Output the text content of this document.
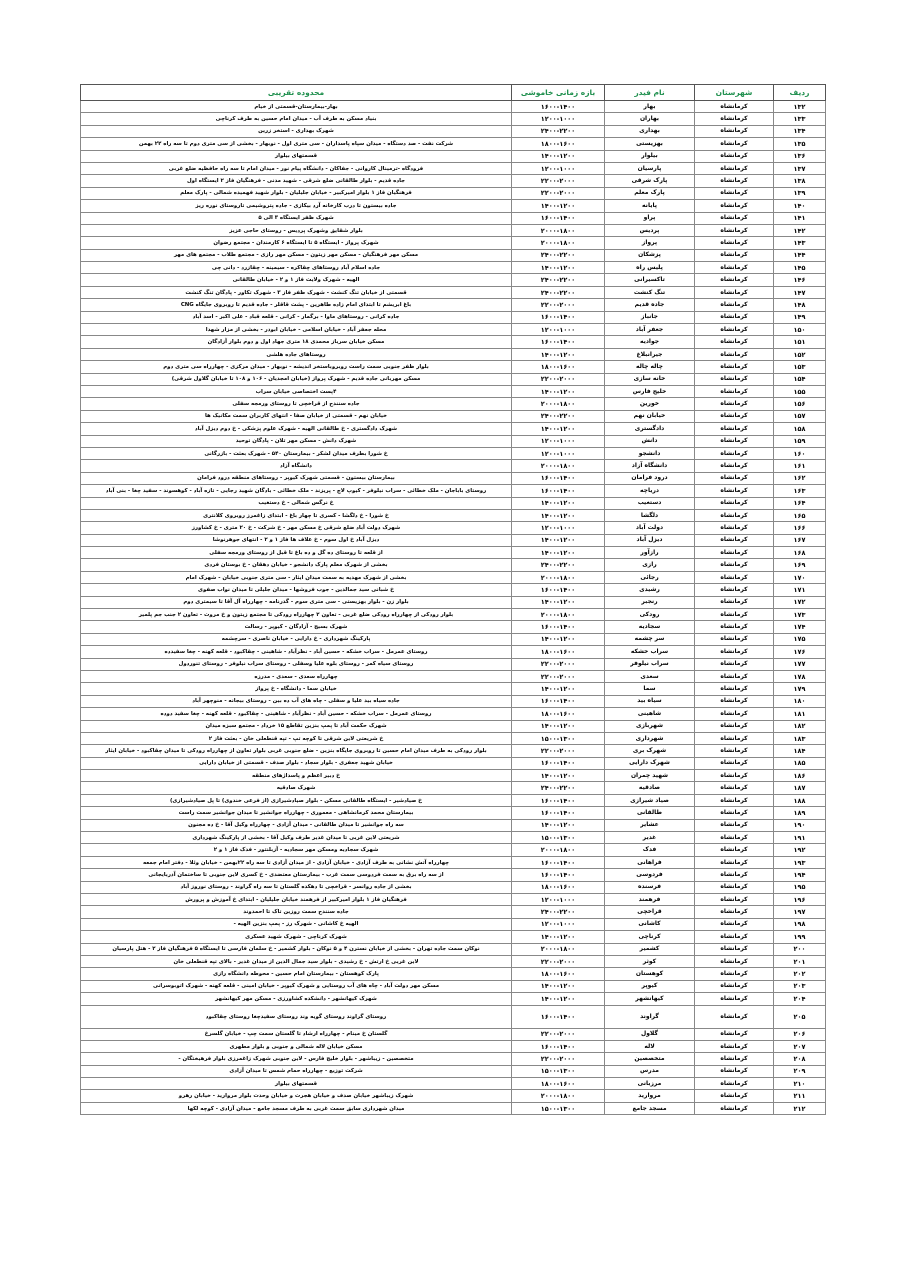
ردیف	شهرستان	نام فیدر	بازه زمانی خاموشی	محدوده تقریبی
۱۳۲	کرمانشاه	بهار	۱۶۰۰-۱۴۰۰	بهار-بیمارستان-قسمتی از خیام
۱۳۳	کرمانشاه	بهاران	۱۲۰۰-۱۰۰۰	بنیاد مسکن به طرف آب - میدان امام حسین به طرف کرناچی
۱۳۴	کرمانشاه	بهداری	۲۴۰۰-۲۲۰۰	شهرک بهداری - استخر زرین
۱۳۵	کرمانشاه	بهزیستی	۱۸۰۰-۱۶۰۰	شرکت نفت - صد دستگاه - میدان سپاه پاسداران - سی متری اول - نوبهار - بخشی از سی متری دوم تا سه راه ۲۲ بهمن
۱۳۶	کرمانشاه	بیلوار	۱۴۰۰-۱۲۰۰	قسمتهای بیلوار
۱۳۷	کرمانشاه	پارسیان	۱۲۰۰-۱۰۰۰	فرودگاه -ترمینال کاروانی - جفاکان - دانشگاه پیام نور - میدان امام تا سه راه حافظیه ضلع غربی
۱۳۸	کرمانشاه	پارک شرقی	۲۲۰۰-۲۰۰۰	جاده قدیم - بلوار طالقانی ضلع شرقی - شهید مدنی - فرهنگیان فاز ۲ ایستگاه اول
۱۳۹	کرمانشاه	پارک معلم	۲۲۰۰-۲۰۰۰	فرهنگیان فاز ۱ بلوار امیرکبیر - خیابان جلیلیان - بلوار شهید فهمیده شمالی - پارک معلم
۱۴۰	کرمانشاه	پایانه	۱۴۰۰-۱۲۰۰	جاده بیستون تا درب کارخانه آرد بیکازی - جاده پتروشیمی تاروستای نوره ریز
۱۴۱	کرمانشاه	پراو	۱۶۰۰-۱۴۰۰	شهرک ظفر ایستگاه ۳ الی ۵
۱۴۲	کرمانشاه	پردیس	۲۰۰۰-۱۸۰۰	بلوار شقایق وشهرک پردیس - روستای حاجی عزیز
۱۴۳	کرمانشاه	پرواز	۲۰۰۰-۱۸۰۰	شهرک پرواز - ایستگاه ۵ تا ایستگاه ۶ کارمندان - مجتمع رضوان
۱۴۴	کرمانشاه	پزشکان	۲۴۰۰-۲۲۰۰	مسکن مهر فرهنگیان - مسکن مهر زیتون - مسکن مهر رازی - مجتمع طلاب - مجتمع های مهر
۱۴۵	کرمانشاه	پلیس راه	۱۴۰۰-۱۲۰۰	جاده اسلام آباد روستاهای چقاکره - سیمینه - چقازرد - دانی چی
۱۴۶	کرمانشاه	تاکسیرانی	۲۴۰۰-۲۲۰۰	الهیه - شهرک ولایت فاز ۱ و ۲ - خیابان طالقانی
۱۴۷	کرمانشاه	تنگ کنشت	۲۴۰۰-۲۲۰۰	قسمتی از خیابان تنگ کنشت - شهرک ظفر فاز ۳ - شهرک تکاور - پادگان تنگ کنشت
۱۴۸	کرمانشاه	جاده قدیم	۲۲۰۰-۲۰۰۰	باغ ابریشم تا ابتدای امام زاده طاهرین - پشت قاقلر - جاده قدیم تا روبروی جایگاه CNG
۱۴۹	کرمانشاه	جانباز	۱۶۰۰-۱۴۰۰	جاده کرانی - روستاهای ماوا - برگمار - کرانی - قلعه قباد - علی اکبر - اسد آباد
۱۵۰	کرمانشاه	جعفر آباد	۱۲۰۰-۱۰۰۰	محله جعفر آباد - خیابان اسلامی - خیابان ابوذر - بخشی از مزار شهدا
۱۵۱	کرمانشاه	جوادیه	۱۶۰۰-۱۴۰۰	مسکن خیابان سرباز محمدی ۱۸ متری جهاد اول و دوم بلوار آزادگان
۱۵۲	کرمانشاه	جیرانبلاغ	۱۴۰۰-۱۲۰۰	روستاهای جاده هلشی
۱۵۳	کرمانشاه	چاله چاله	۱۸۰۰-۱۶۰۰	بلوار ظفر جنوبی سمت راست روبروباستخر اندیشه - نوبهار - میدان مرکزی - چهارراه سی متری دوم
۱۵۴	کرمانشاه	خانه سازی	۲۲۰۰-۲۰۰۰	مسکن مهربانی جاده قدیم - شهرک پرواز (خیابان امجدیان - ۱۰۶ و ۱۰۸ تا خیابان گلاول شرقی)
۱۵۵	کرمانشاه	خلیج فارس	۱۴۰۰-۱۲۰۰	۴پست اختصاصی خیابان سراب
۱۵۶	کرمانشاه	خورین	۲۰۰۰-۱۸۰۰	جاده سنندج از قراخچی تا روستای ورمجه سفلی
۱۵۷	کرمانشاه	خیابان نهم	۲۴۰۰-۲۲۰۰	خیابان نهم - قسمتی از خیابان صفا - انتهای کاربران سمت مکانیک ها
۱۵۸	کرمانشاه	دادگستری	۱۴۰۰-۱۲۰۰	شهرک دادگستری - خ طالقانی الهیه - شهرک علوم پزشکی - خ دوم دیزل آباد
۱۵۹	کرمانشاه	دانش	۱۲۰۰-۱۰۰۰	شهرک دانش - مسکن مهر تلان - پادگان توحید
۱۶۰	کرمانشاه	دانشجو	۱۲۰۰-۱۰۰۰	خ شورا بطرف میدان لشکر - بیمارستان ۵۴۰ - شهرک بعثت - بازرگانی
۱۶۱	کرمانشاه	دانشگاه آزاد	۲۰۰۰-۱۸۰۰	دانشگاه آزاد
۱۶۲	کرمانشاه	درود فرامان	۱۶۰۰-۱۴۰۰	بیمارستان بیستون - قسمتی شهرک کیوپر - روستاهای منطقه درود فرامان
۱۶۳	کرمانشاه	دریاچه	۱۶۰۰-۱۴۰۰	روستای باباجان - ملک خطائی - سراب نیلوفر - کیوپ لاچ - پریزند - ملک خطائی - بادگان شهید رجایی - تازه آباد - کوهسوند - سفید چغا - بنی آباد
۱۶۴	کرمانشاه	دستغیب	۱۴۰۰-۱۲۰۰	خ نرگس شمالی - خ دستغیب
۱۶۵	کرمانشاه	دلگشا	۱۴۰۰-۱۲۰۰	خ شورا - خ دلگشا - کسری تا چهار باغ - ابتدای زاغمرز روبروی کلانتری
۱۶۶	کرمانشاه	دولت آباد	۱۲۰۰-۱۰۰۰	شهرک دولت آباد ضلع شرقی خ مسکن مهر - خ شرکت - خ ۲۰ متری - خ کشاورز
۱۶۷	کرمانشاه	دیزل آباد	۱۴۰۰-۱۲۰۰	دیزل آباد خ اول سوم - خ علاف ها فاز ۱ و ۲ - انتهای جوهرنوشا
۱۶۸	کرمانشاه	رازآور	۱۴۰۰-۱۲۰۰	از قلعه تا روستای ده گل و ده باغ تا قبل از روستای ورمجه سفلی
۱۶۹	کرمانشاه	رازی	۲۴۰۰-۲۲۰۰	بخشی از شهرک معلم پارک دانشجو - خیابان دهقان - خ بوستان فردی
۱۷۰	کرمانشاه	رجائی	۲۰۰۰-۱۸۰۰	بخشی از شهرک مهدیه به سمت میدان ایثار - سی متری جنوبی خیابان - شهرک امام
۱۷۱	کرمانشاه	رشیدی	۱۶۰۰-۱۴۰۰	خ شبانی سید جمالدین - جوب فروشها - میدان جلیلی تا میدان نواب صفوی
۱۷۲	کرمانشاه	رنجبر	۱۴۰۰-۱۲۰۰	بلوار زن - بلوار بهزیستی - سی متری سوم - گذرنامه - چهارراه آل آقا تا سیمتری دوم
۱۷۳	کرمانشاه	رودکی	۲۰۰۰-۱۸۰۰	بلوار رودکی از چهارراه رودکی ضلع غربی - تعاون ۲ چهارراه رودکی تا مجتمع زیتون و خ مروت - تعاون ۲ جنب جم پلمیر
۱۷۴	کرمانشاه	سجادیه	۱۶۰۰-۱۴۰۰	شهرک بسیج - آزادگان - کیوپر - رسالت
۱۷۵	کرمانشاه	سر چشمه	۱۴۰۰-۱۲۰۰	پارکینگ شهرداری - خ دارایی - خیابان ناصری - سرچشمه
۱۷۶	کرمانشاه	سراب خشکه	۱۸۰۰-۱۶۰۰	روستای عمرمل - سراب خشکه - حسین آباد - نظرآباد - شاهینی - چقاکبود - قلعه کهنه - چغا سفیدده
۱۷۷	کرمانشاه	سراب نیلوفر	۲۲۰۰-۲۰۰۰	روستای سیاه کمر - روستای بلوه علیا وسفلی - روستای سراب نیلوفر - روستای تنوردول
۱۷۸	کرمانشاه	سعدی	۲۲۰۰-۲۰۰۰	چهارراه سعدی - سعدی - مدرزه
۱۷۹	کرمانشاه	سما	۱۴۰۰-۱۲۰۰	خیابان سما - دانشگاه - خ پرواز
۱۸۰	کرمانشاه	سیاه بید	۱۶۰۰-۱۴۰۰	جاده سیاه بید علیا و سفلی - چاه های آب ده بین - روستای بیجانه - منوچهر آباد
۱۸۱	کرمانشاه	شاهینی	۱۸۰۰-۱۶۰۰	روستای عمرمل - سراب خشکه - حسین آباد - نظرآباد - شاهینی - چقاکبود - قلعه کهنه - چغا سفید دوده
۱۸۲	کرمانشاه	شهربازی	۱۴۰۰-۱۲۰۰	شهرک حکمت آباد تا پمپ بنزین تقاطع ۱۵ خرداد - مجتمع سبزه میدان
۱۸۳	کرمانشاه	شهرداری	۱۵۰۰-۱۳۰۰	خ شریعتی لاین شرقی تا کوچه تپ - تپه قنطعلی خان - بعثت فاز ۲
۱۸۴	کرمانشاه	شهرک بری	۲۲۰۰-۲۰۰۰	بلوار رودکی به طرف میدان امام حسین تا روبروی جایگاه بنزین - ضلع جنوبی غربی بلوار تعاون از چهارراه رودکی تا میدان چقاکبود - خیابان ایثار
۱۸۵	کرمانشاه	شهرک دارایی	۱۶۰۰-۱۴۰۰	خیابان شهید جعفری - بلوار سجاد - بلوار صدف - قسمتی از خیابان دارایی
۱۸۶	کرمانشاه	شهید چمران	۱۴۰۰-۱۲۰۰	خ دبیر اعظم و پاسداژهای منطقه
۱۸۷	کرمانشاه	صادقیه	۲۴۰۰-۲۲۰۰	شهرک صادقیه
۱۸۸	کرمانشاه	صیاد شیرازی	۱۶۰۰-۱۴۰۰	خ صیادشیر - ایستگاه طالقانی مسکن - بلوار صیادشیرازی (از فرعی خندوی) تا پل صیادشیرازی)
۱۸۹	کرمانشاه	طالقانی	۱۶۰۰-۱۴۰۰	بیمارستان محمد کرمانشاهی - معموری - چهارراه جوانشیر تا میدان جوانشیر سمت راست
۱۹۰	کرمانشاه	عشایر	۱۴۰۰-۱۲۰۰	سه راه جوانشیر تا میدان طالقانی - میدان آزادی - چهارراه وکیل آقا - خ ده مجنون
۱۹۱	کرمانشاه	غدیر	۱۵۰۰-۱۳۰۰	شریعتی لاین غربی تا میدان غدیر طرف وکیل آقا - بخشی از پارکینگ شهرداری
۱۹۲	کرمانشاه	فدک	۲۰۰۰-۱۸۰۰	شهرک سجادیه ومسکن مهر سجادیه - آزبلنتور - فدک فاز ۱ و ۲
۱۹۳	کرمانشاه	فراهانی	۱۶۰۰-۱۴۰۰	چهارراه آتش نشانی به طرف آزادی - خیابان آزادی - از میدان آزادی تا سه راه ۲۲بهمن - خیابان وئلا - دفتر امام جمعه
۱۹۴	کرمانشاه	فردوسی	۱۶۰۰-۱۴۰۰	از سه راه برق به سمت فردوسی سمت غرب - بیمارستان معتضدی - خ کسری لاین جنوبی تا ساختمان آذربایجانی
۱۹۵	کرمانشاه	فرسنده	۱۸۰۰-۱۶۰۰	بخشی از جاده روانسر - قراخچی تا دهکده گلستان تا سه راه گراوند - روستای نوروز آباد
۱۹۶	کرمانشاه	فرهمند	۱۲۰۰-۱۰۰۰	فرهنگیان فاز ۱ بلوار امیرکبیر از فرهمند خیابان جلیلیان - ابتدای خ آموزش و پرورش
۱۹۷	کرمانشاه	قراخچی	۲۴۰۰-۲۲۰۰	جاده سنندج سمت روزین تاک تا احمدوند
۱۹۸	کرمانشاه	کاشانی	۱۲۰۰-۱۰۰۰	الهیه خ کاشانی - شهرک رز - پمپ بنزین الهیه -
۱۹۹	کرمانشاه	کرناچی	۱۴۰۰-۱۲۰۰	شهرک کرناچی - شهرک شهید عسکری
۲۰۰	کرمانشاه	کشمیر	۲۰۰۰-۱۸۰۰	نوکان سمت جاده تهران - بخشی از خیابان نسترن ۴ و ۵ نوکان - بلوار کشمیر - خ سلمان فارسی تا ایستگاه ۵ فرهنگیان فاز ۲ - هتل پارسیان
۲۰۱	کرمانشاه	کوثر	۲۲۰۰-۲۰۰۰	لاین غربی خ ارتش - خ رشیدی - بلوار سید جمال الدین از میدان غدیر - بالای تپه قنطعلی خان
۲۰۲	کرمانشاه	کوهستان	۱۸۰۰-۱۶۰۰	پارک کوهستان - بیمارستان امام حسین - محوطه دانشگاه رازی
۲۰۳	کرمانشاه	کیوپر	۱۴۰۰-۱۲۰۰	مسکن مهر دولت آباد - چاه های آب روستایی و شهرک کیوپر - خیابان امینی - قلعه کهنه - شهرک اتوبوسرانی
۲۰۴	کرمانشاه	کیهانشهر	۱۴۰۰-۱۲۰۰	شهرک کیهانشهر - دانشکده کشاورزی - مسکن مهر کیهانشهر
۲۰۵	کرمانشاه	گراوند	۱۶۰۰-۱۴۰۰	روستای گراوند روستای گویه وند روستای سفیدچغا روستای چقاکبود
۲۰۶	کرمانشاه	گلاول	۲۲۰۰-۲۰۰۰	گلستان خ مینام - چهارراه ارشاد تا گلستان سمت چپ - خیابان گلسرخ
۲۰۷	کرمانشاه	لاله	۱۶۰۰-۱۴۰۰	مسکن خیابان لاله شمالی و جنوبی و بلوار مطهری
۲۰۸	کرمانشاه	متخصصین	۲۲۰۰-۲۰۰۰	متخصصین - زیباشهر - بلوار خلیج فارس - لاین جنوبی شهرک زاغمرزی بلوار فرهیختگان -
۲۰۹	کرمانشاه	مدرس	۱۵۰۰-۱۳۰۰	شرکت توزیع - چهارراه حمام شمس تا میدان آزادی
۲۱۰	کرمانشاه	مرزبانی	۱۸۰۰-۱۶۰۰	قسمتهای بیلوار
۲۱۱	کرمانشاه	مروارید	۲۰۰۰-۱۸۰۰	شهرک زیباشهر خیابان صدف و خیابان هجرت و خیابان وحدت بلوار مروارید - خیابان رهرو
۲۱۲	کرمانشاه	مسجد جامع	۱۵۰۰-۱۳۰۰	میدان شهرداری سابق سمت غربی به طرف مسجد جامع - میدان آزادی - کوچه لکها
